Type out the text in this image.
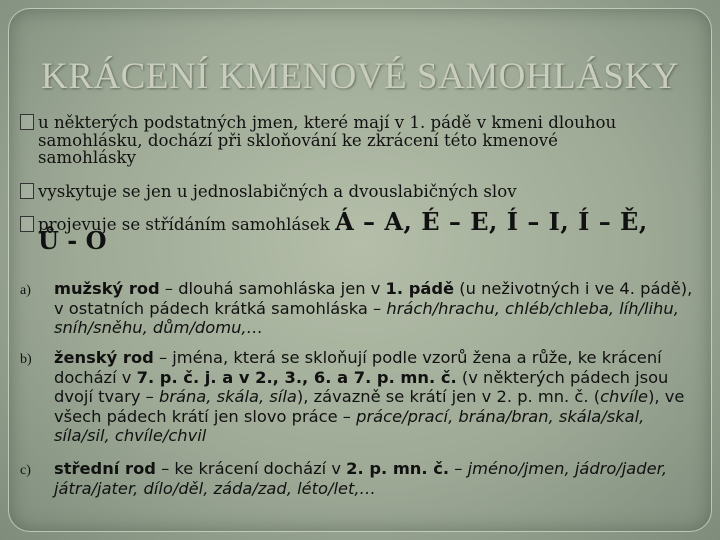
KRÁCENÍ KMENOVÉ SAMOHLÁSKY
u některých podstatných jmen, které mají v 1. pádě v kmeni dlouhou
samohlásku, dochází při skloňování ke zkrácení této kmenové
samohlásky
vyskytuje se jen u jednoslabičných a dvouslabičných slov
projevuje se střídáním samohlásek Á – A, É – E, Í – I, Í – Ě,
Ů - O
a) mužský rod – dlouhá samohláska jen v 1. pádě (u neživotných i ve 4. pádě), v ostatních pádech krátká samohláska – hrách/hrachu, chléb/chleba, líh/lihu, sníh/sněhu, dům/domu,…
b) ženský rod – jména, která se skloňují podle vzorů žena a růže, ke krácení dochází v 7. p. č. j. a v 2., 3., 6. a 7. p. mn. č. (v některých pádech jsou dvojí tvary – brána, skála, síla), závazně se krátí jen v 2. p. mn. č. (chvíle), ve všech pádech krátí jen slovo práce – práce/prací, brána/bran, skála/skal, síla/sil, chvíle/chvil
c) střední rod – ke krácení dochází v 2. p. mn. č. – jméno/jmen, jádro/jader, játra/jater, dílo/děl, záda/zad, léto/let,…
